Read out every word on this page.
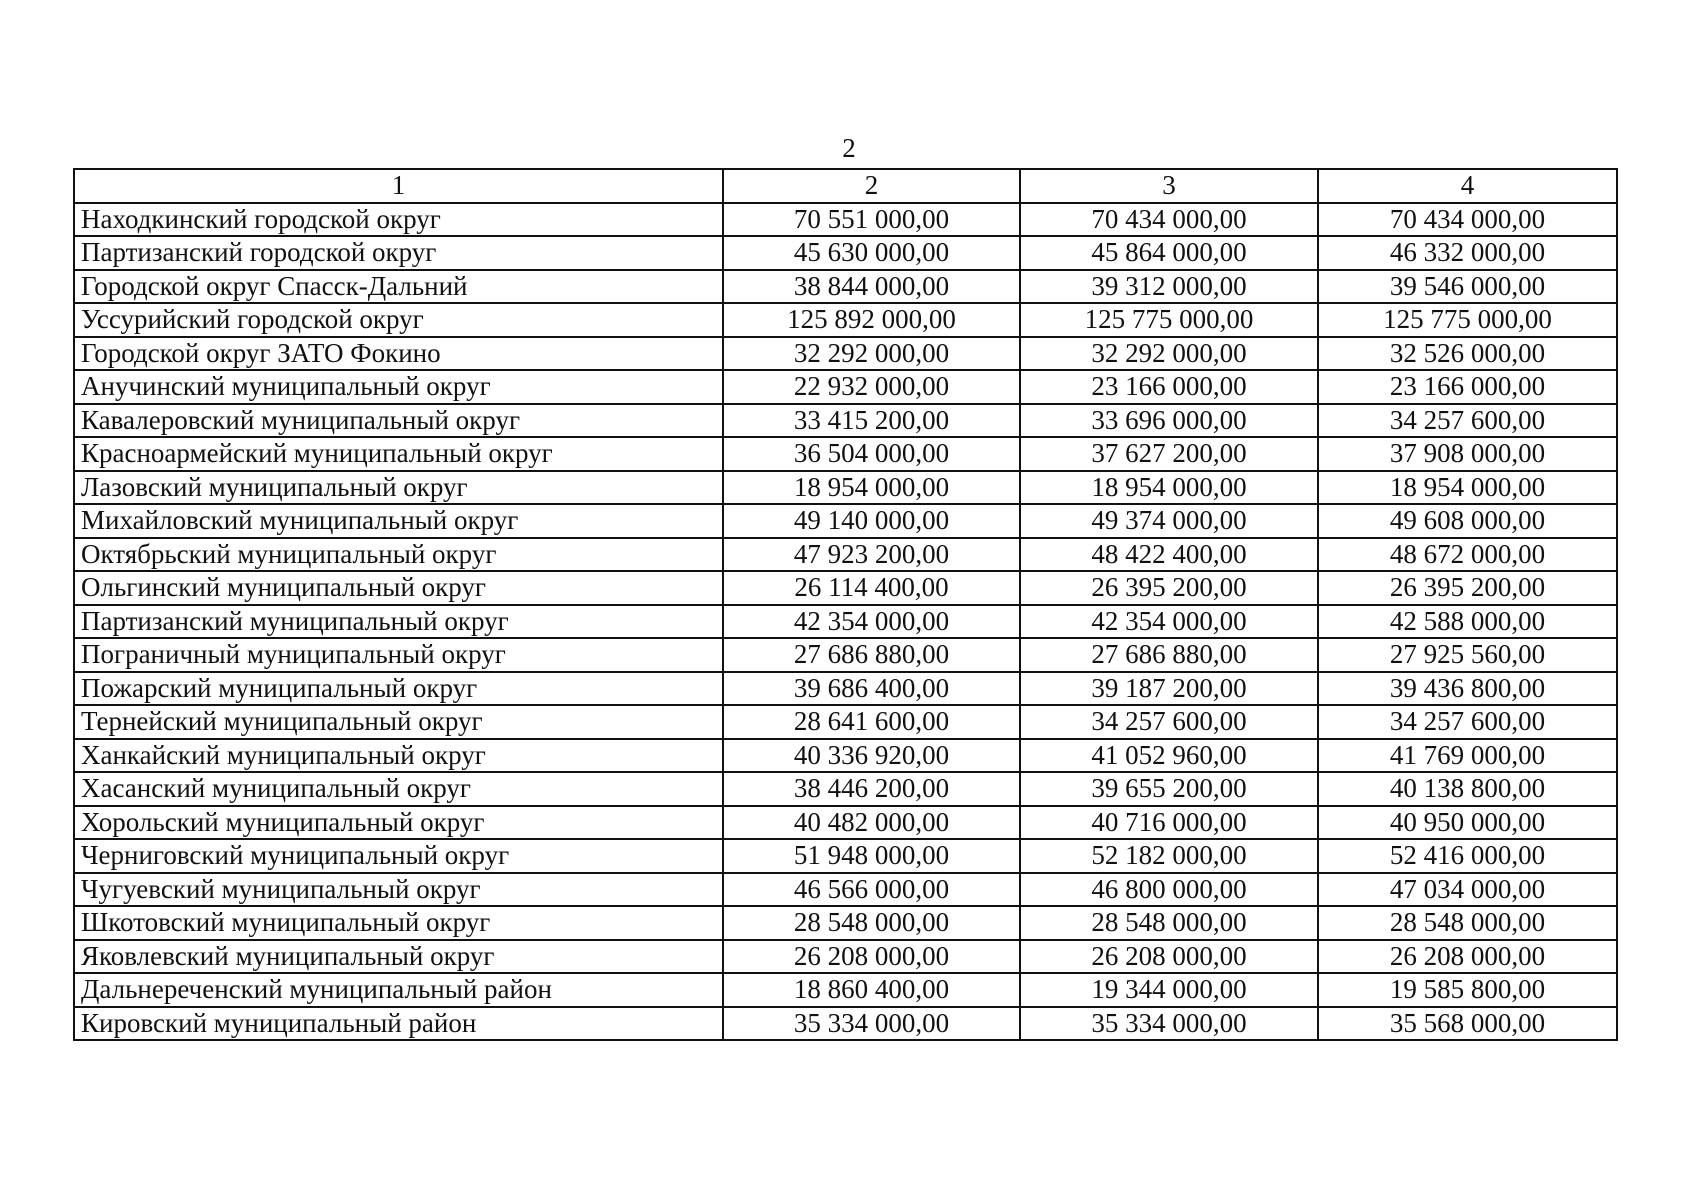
2
1	2	3	4
Находкинский городской округ	70 551 000,00	70 434 000,00	70 434 000,00
Партизанский городской округ	45 630 000,00	45 864 000,00	46 332 000,00
Городской округ Спасск-Дальний	38 844 000,00	39 312 000,00	39 546 000,00
Уссурийский городской округ	125 892 000,00	125 775 000,00	125 775 000,00
Городской округ ЗАТО Фокино	32 292 000,00	32 292 000,00	32 526 000,00
Анучинский муниципальный округ	22 932 000,00	23 166 000,00	23 166 000,00
Кавалеровский муниципальный округ	33 415 200,00	33 696 000,00	34 257 600,00
Красноармейский муниципальный округ	36 504 000,00	37 627 200,00	37 908 000,00
Лазовский муниципальный округ	18 954 000,00	18 954 000,00	18 954 000,00
Михайловский муниципальный округ	49 140 000,00	49 374 000,00	49 608 000,00
Октябрьский муниципальный округ	47 923 200,00	48 422 400,00	48 672 000,00
Ольгинский муниципальный округ	26 114 400,00	26 395 200,00	26 395 200,00
Партизанский муниципальный округ	42 354 000,00	42 354 000,00	42 588 000,00
Пограничный муниципальный округ	27 686 880,00	27 686 880,00	27 925 560,00
Пожарский муниципальный округ	39 686 400,00	39 187 200,00	39 436 800,00
Тернейский муниципальный округ	28 641 600,00	34 257 600,00	34 257 600,00
Ханкайский муниципальный округ	40 336 920,00	41 052 960,00	41 769 000,00
Хасанский муниципальный округ	38 446 200,00	39 655 200,00	40 138 800,00
Хорольский муниципальный округ	40 482 000,00	40 716 000,00	40 950 000,00
Черниговский муниципальный округ	51 948 000,00	52 182 000,00	52 416 000,00
Чугуевский муниципальный округ	46 566 000,00	46 800 000,00	47 034 000,00
Шкотовский муниципальный округ	28 548 000,00	28 548 000,00	28 548 000,00
Яковлевский муниципальный округ	26 208 000,00	26 208 000,00	26 208 000,00
Дальнереченский муниципальный район	18 860 400,00	19 344 000,00	19 585 800,00
Кировский муниципальный район	35 334 000,00	35 334 000,00	35 568 000,00
